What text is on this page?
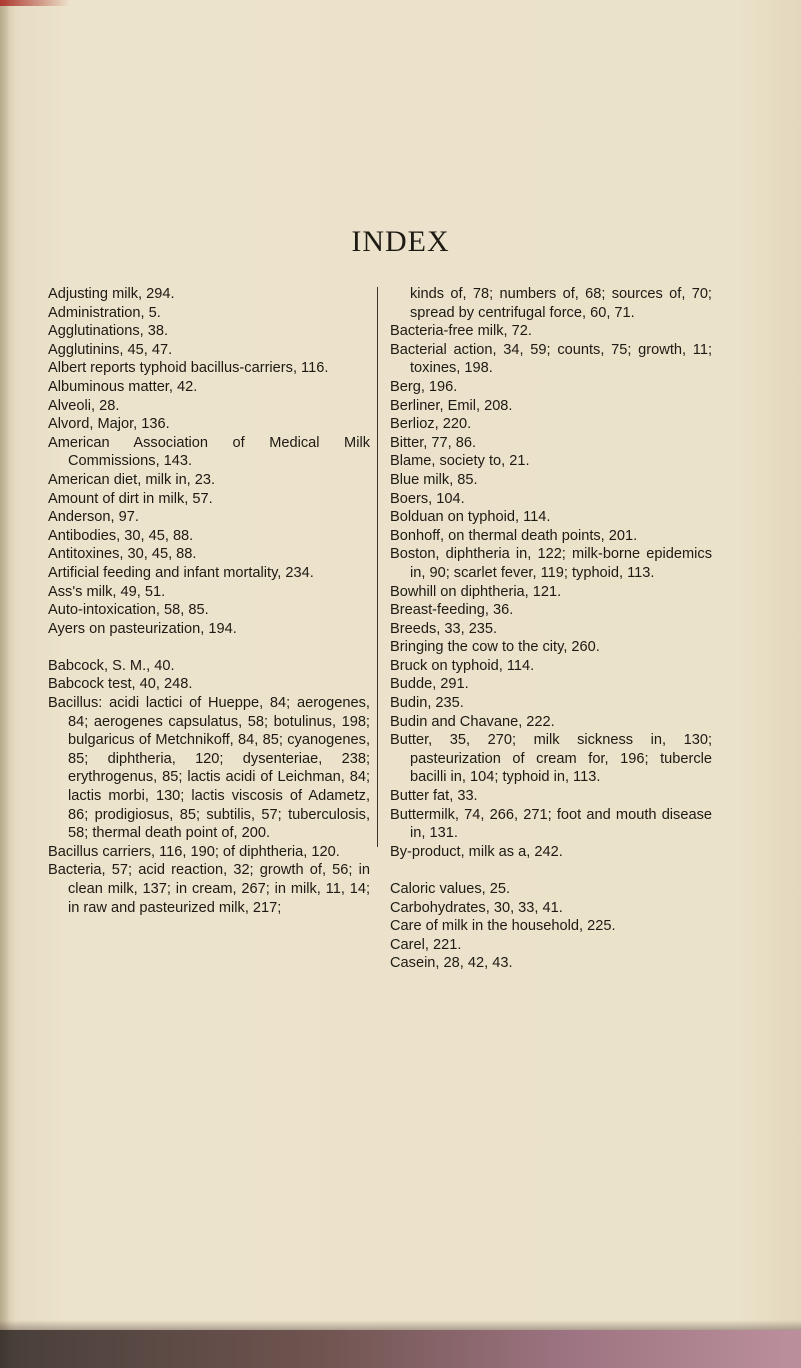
INDEX
Adjusting milk, 294.
Administration, 5.
Agglutinations, 38.
Agglutinins, 45, 47.
Albert reports typhoid bacillus-carriers, 116.
Albuminous matter, 42.
Alveoli, 28.
Alvord, Major, 136.
American Association of Medical Milk Commissions, 143.
American diet, milk in, 23.
Amount of dirt in milk, 57.
Anderson, 97.
Antibodies, 30, 45, 88.
Antitoxines, 30, 45, 88.
Artificial feeding and infant mortality, 234.
Ass's milk, 49, 51.
Auto-intoxication, 58, 85.
Ayers on pasteurization, 194.
Babcock, S. M., 40.
Babcock test, 40, 248.
Bacillus: acidi lactici of Hueppe, 84; aerogenes, 84; aerogenes capsulatus, 58; botulinus, 198; bulgaricus of Metchnikoff, 84, 85; cyanogenes, 85; diphtheria, 120; dysenteriae, 238; erythrogenus, 85; lactis acidi of Leichman, 84; lactis morbi, 130; lactis viscosis of Adametz, 86; prodigiosus, 85; subtilis, 57; tuberculosis, 58; thermal death point of, 200.
Bacillus carriers, 116, 190; of diphtheria, 120.
Bacteria, 57; acid reaction, 32; growth of, 56; in clean milk, 137; in cream, 267; in milk, 11, 14; in raw and pasteurized milk, 217;
kinds of, 78; numbers of, 68; sources of, 70; spread by centrifugal force, 60, 71.
Bacteria-free milk, 72.
Bacterial action, 34, 59; counts, 75; growth, 11; toxines, 198.
Berg, 196.
Berliner, Emil, 208.
Berlioz, 220.
Bitter, 77, 86.
Blame, society to, 21.
Blue milk, 85.
Boers, 104.
Bolduan on typhoid, 114.
Bonhoff, on thermal death points, 201.
Boston, diphtheria in, 122; milk-borne epidemics in, 90; scarlet fever, 119; typhoid, 113.
Bowhill on diphtheria, 121.
Breast-feeding, 36.
Breeds, 33, 235.
Bringing the cow to the city, 260.
Bruck on typhoid, 114.
Budde, 291.
Budin, 235.
Budin and Chavane, 222.
Butter, 35, 270; milk sickness in, 130; pasteurization of cream for, 196; tubercle bacilli in, 104; typhoid in, 113.
Butter fat, 33.
Buttermilk, 74, 266, 271; foot and mouth disease in, 131.
By-product, milk as a, 242.
Caloric values, 25.
Carbohydrates, 30, 33, 41.
Care of milk in the household, 225.
Carel, 221.
Casein, 28, 42, 43.
